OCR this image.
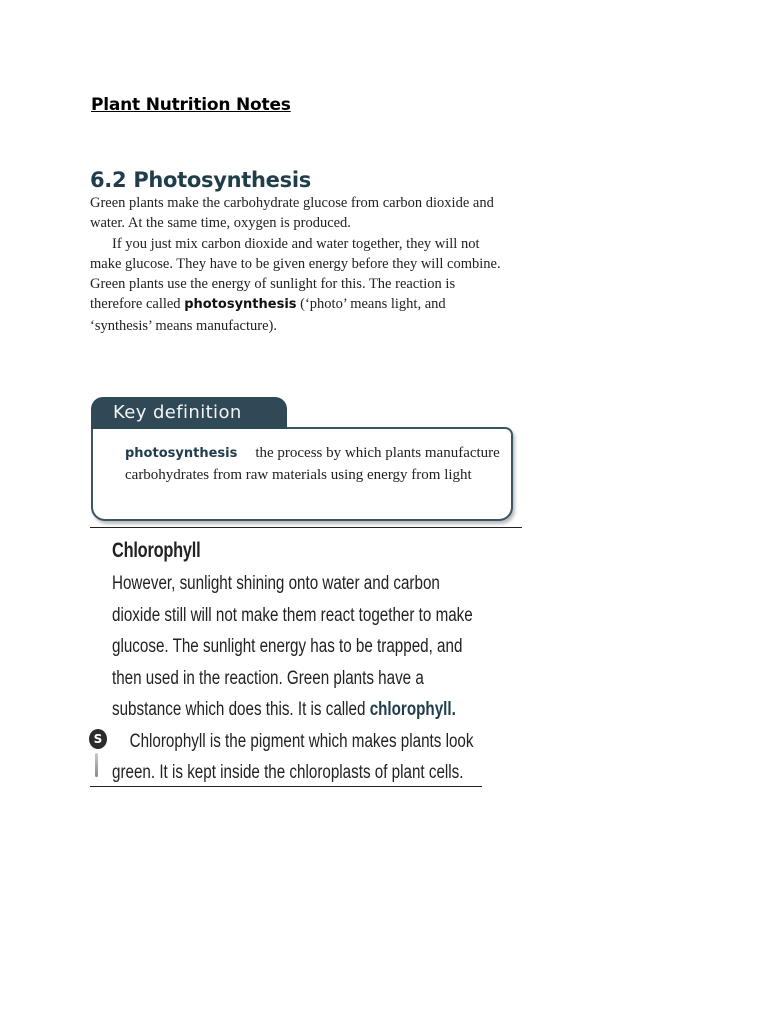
Plant Nutrition Notes
6.2 Photosynthesis

Green plants make the carbohydrate glucose from carbon dioxide and water. At the same time, oxygen is produced.

If you just mix carbon dioxide and water together, they will not make glucose. They have to be given energy before they will combine. Green plants use the energy of sunlight for this. The reaction is therefore called photosynthesis (‘photo’ means light, and ‘synthesis’ means manufacture).

Key definition
photosynthesis the process by which plants manufacture carbohydrates from raw materials using energy from light
Chlorophyll

However, sunlight shining onto water and carbon dioxide still will not make them react together to make glucose. The sunlight energy has to be trapped, and then used in the reaction. Green plants have a substance which does this. It is called chlorophyll.

Chlorophyll is the pigment which makes plants look green. It is kept inside the chloroplasts of plant cells.

S
